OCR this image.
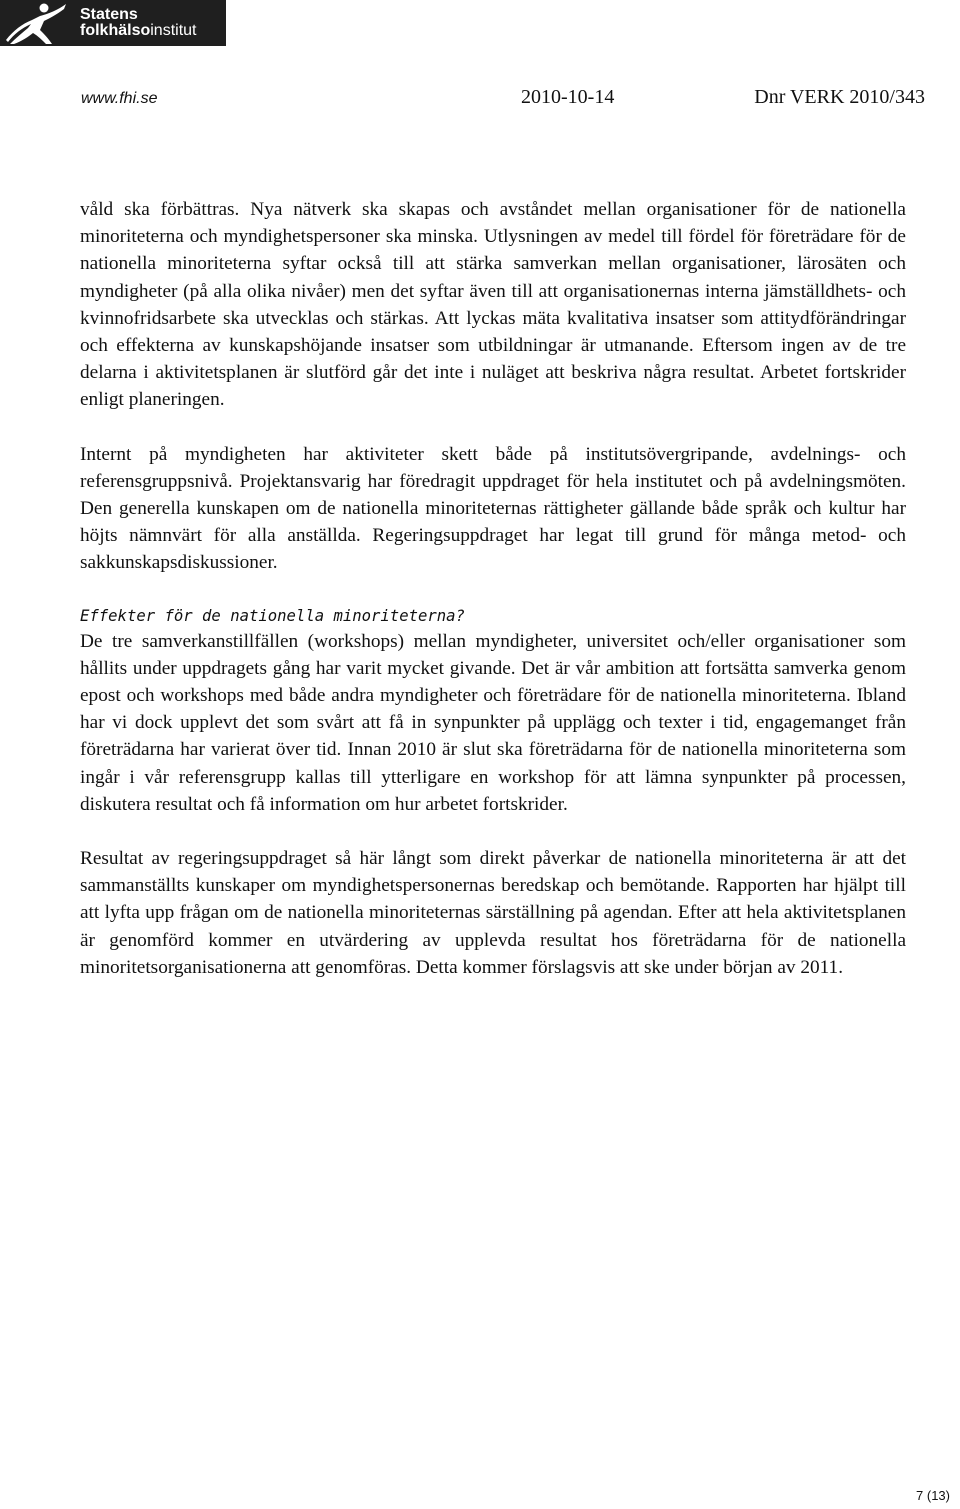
Statens
folkhälsoinstitut
www.fhi.se	2010-10-14	Dnr VERK 2010/343

våld ska förbättras. Nya nätverk ska skapas och avståndet mellan organisationer för de nationella minoriteterna och myndighetspersoner ska minska. Utlysningen av medel till fördel för företrädare för de nationella minoriteterna syftar också till att stärka samverkan mellan organisationer, lärosäten och myndigheter (på alla olika nivåer) men det syftar även till att organisationernas interna jämställdhets- och kvinnofridsarbete ska utvecklas och stärkas. Att lyckas mäta kvalitativa insatser som attitydförändringar och effekterna av kunskapshöjande insatser som utbildningar är utmanande. Eftersom ingen av de tre delarna i aktivitetsplanen är slutförd går det inte i nuläget att beskriva några resultat. Arbetet fortskrider enligt planeringen.

Internt på myndigheten har aktiviteter skett både på institutsövergripande, avdelnings- och referensgruppsnivå. Projektansvarig har föredragit uppdraget för hela institutet och på avdelningsmöten. Den generella kunskapen om de nationella minoriteternas rättigheter gällande både språk och kultur har höjts nämnvärt för alla anställda. Regeringsuppdraget har legat till grund för många metod- och sakkunskapsdiskussioner.

Effekter för de nationella minoriteterna?

De tre samverkanstillfällen (workshops) mellan myndigheter, universitet och/eller organisationer som hållits under uppdragets gång har varit mycket givande. Det är vår ambition att fortsätta samverka genom epost och workshops med både andra myndigheter och företrädare för de nationella minoriteterna. Ibland har vi dock upplevt det som svårt att få in synpunkter på upplägg och texter i tid, engagemanget från företrädarna har varierat över tid. Innan 2010 är slut ska företrädarna för de nationella minoriteterna som ingår i vår referensgrupp kallas till ytterligare en workshop för att lämna synpunkter på processen, diskutera resultat och få information om hur arbetet fortskrider.

Resultat av regeringsuppdraget så här långt som direkt påverkar de nationella minoriteterna är att det sammanställts kunskaper om myndighetspersonernas beredskap och bemötande. Rapporten har hjälpt till att lyfta upp frågan om de nationella minoriteternas särställning på agendan. Efter att hela aktivitetsplanen är genomförd kommer en utvärdering av upplevda resultat hos företrädarna för de nationella minoritetsorganisationerna att genomföras. Detta kommer förslagsvis att ske under början av 2011.

7 (13)
